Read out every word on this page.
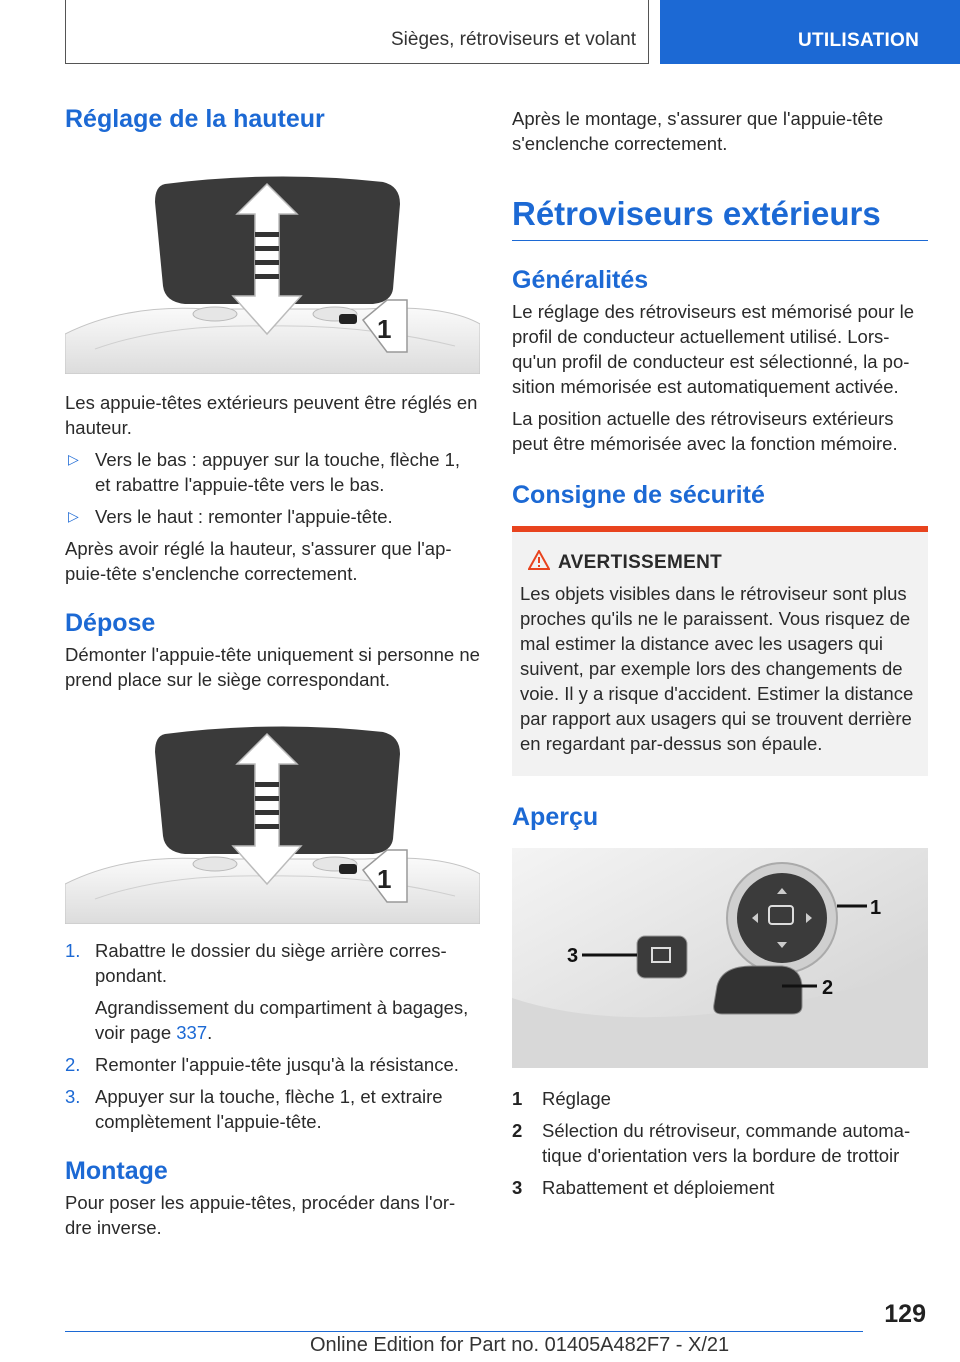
Sièges, rétroviseurs et volant	UTILISATION
Réglage de la hauteur
1

Les appuie-têtes extérieurs peuvent être réglés en hauteur.

▷ Vers le bas : appuyer sur la touche, flèche 1, et rabattre l'appuie-tête vers le bas.
▷ Vers le haut : remonter l'appuie-tête.

Après avoir réglé la hauteur, s'assurer que l'ap- puie-tête s'enclenche correctement.

Dépose

Démonter l'appuie-tête uniquement si personne ne prend place sur le siège correspondant.

1
1. Rabattre le dossier du siège arrière corres- pondant.
Agrandissement du compartiment à bagages, voir page 337.
2. Remonter l'appuie-tête jusqu'à la résistance.
3. Appuyer sur la touche, flèche 1, et extraire complètement l'appuie-tête.
Montage

Pour poser les appuie-têtes, procéder dans l'or- dre inverse.

Après le montage, s'assurer que l'appuie-tête s'enclenche correctement.

Rétroviseurs extérieurs
Généralités

Le réglage des rétroviseurs est mémorisé pour le profil de conducteur actuellement utilisé. Lors- qu'un profil de conducteur est sélectionné, la po- sition mémorisée est automatiquement activée.

La position actuelle des rétroviseurs extérieurs peut être mémorisée avec la fonction mémoire.

Consigne de sécurité
AVERTISSEMENT

Les objets visibles dans le rétroviseur sont plus proches qu'ils ne le paraissent. Vous risquez de mal estimer la distance avec les usagers qui suivent, par exemple lors des changements de voie. Il y a risque d'accident. Estimer la distance par rapport aux usagers qui se trouvent derrière en regardant par-dessus son épaule.

Aperçu
1
2
3
1 Réglage
2 Sélection du rétroviseur, commande automa- tique d'orientation vers la bordure de trottoir
3 Rabattement et déploiement
129
Online Edition for Part no. 01405A482F7 - X/21
